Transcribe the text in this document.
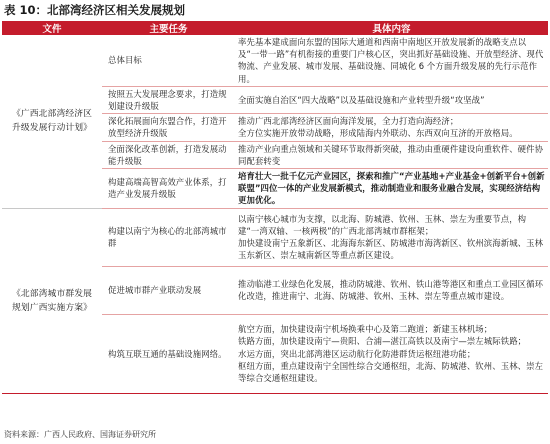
表 10：北部湾经济区相关发展规划
文件	主要任务	具体内容
《广西北部湾经济区升级发展行动计划》	总体目标	率先基本建成面向东盟的国际大通道和西南中南地区开放发展新的战略支点以及“一带一路”有机衔接的重要门户核心区，突出抓好基础设施、开放型经济、现代物流、产业发展、城市发展、基础设施、同城化 6 个方面升级发展的先行示范作用。

	按照五大发展理念要求，打造规划建设升级版	全面实施自治区“四大战略”以及基础设施和产业转型升级“攻坚战”

	深化拓展面向东盟合作，打造开放型经济升级版	推动广西北部湾经济区面向海洋发展，全力打造向海经济；
全方位实施开放带动战略，形成陆海内外联动、东西双向互济的开放格局。

	全面深化改革创新，打造发展动能升级版	推动产业向重点领域和关键环节取得新突破，推动由重硬件建设向重软件、硬件协同配套转变

	构建高端高智高效产业体系，打造产业发展升级版	培育壮大一批千亿元产业园区，探索和推广“产业基地+产业基金+创新平台+创新联盟”四位一体的产业发展新模式，推动制造业和服务业融合发展，实现经济结构更加优化。

《北部湾城市群发展规划广西实施方案》	构建以南宁为核心的北部湾城市群	以南宁核心城市为支撑，以北海、防城港、钦州、玉林、崇左为重要节点，构建“一湾双轴、一核两极”的广西北部湾城市群框架；
加快建设南宁五象新区、北海海东新区、防城港市海湾新区、钦州滨海新城、玉林玉东新区、崇左城南新区等重点新区建设。

	促进城市群产业联动发展	推动临港工业绿色化发展，推动防城港、钦州、铁山港等港区和重点工业园区循环化改造，推进南宁、北海、防城港、钦州、玉林、崇左等重点城市建设。

	构筑互联互通的基础设施网络。	航空方面，加快建设南宁机场换乘中心及第二跑道；新建玉林机场；
铁路方面，加快建设南宁—贵阳、合浦—湛江高铁以及南宁—崇左城际铁路；
水运方面，突出北部湾港区运动航行化防港群货运枢纽港功能；
枢纽方面，重点建设南宁全国性综合交通枢纽，北海、防城港、钦州、玉林、崇左等综合交通枢纽建设。
资料来源：广西人民政府、国海证券研究所
